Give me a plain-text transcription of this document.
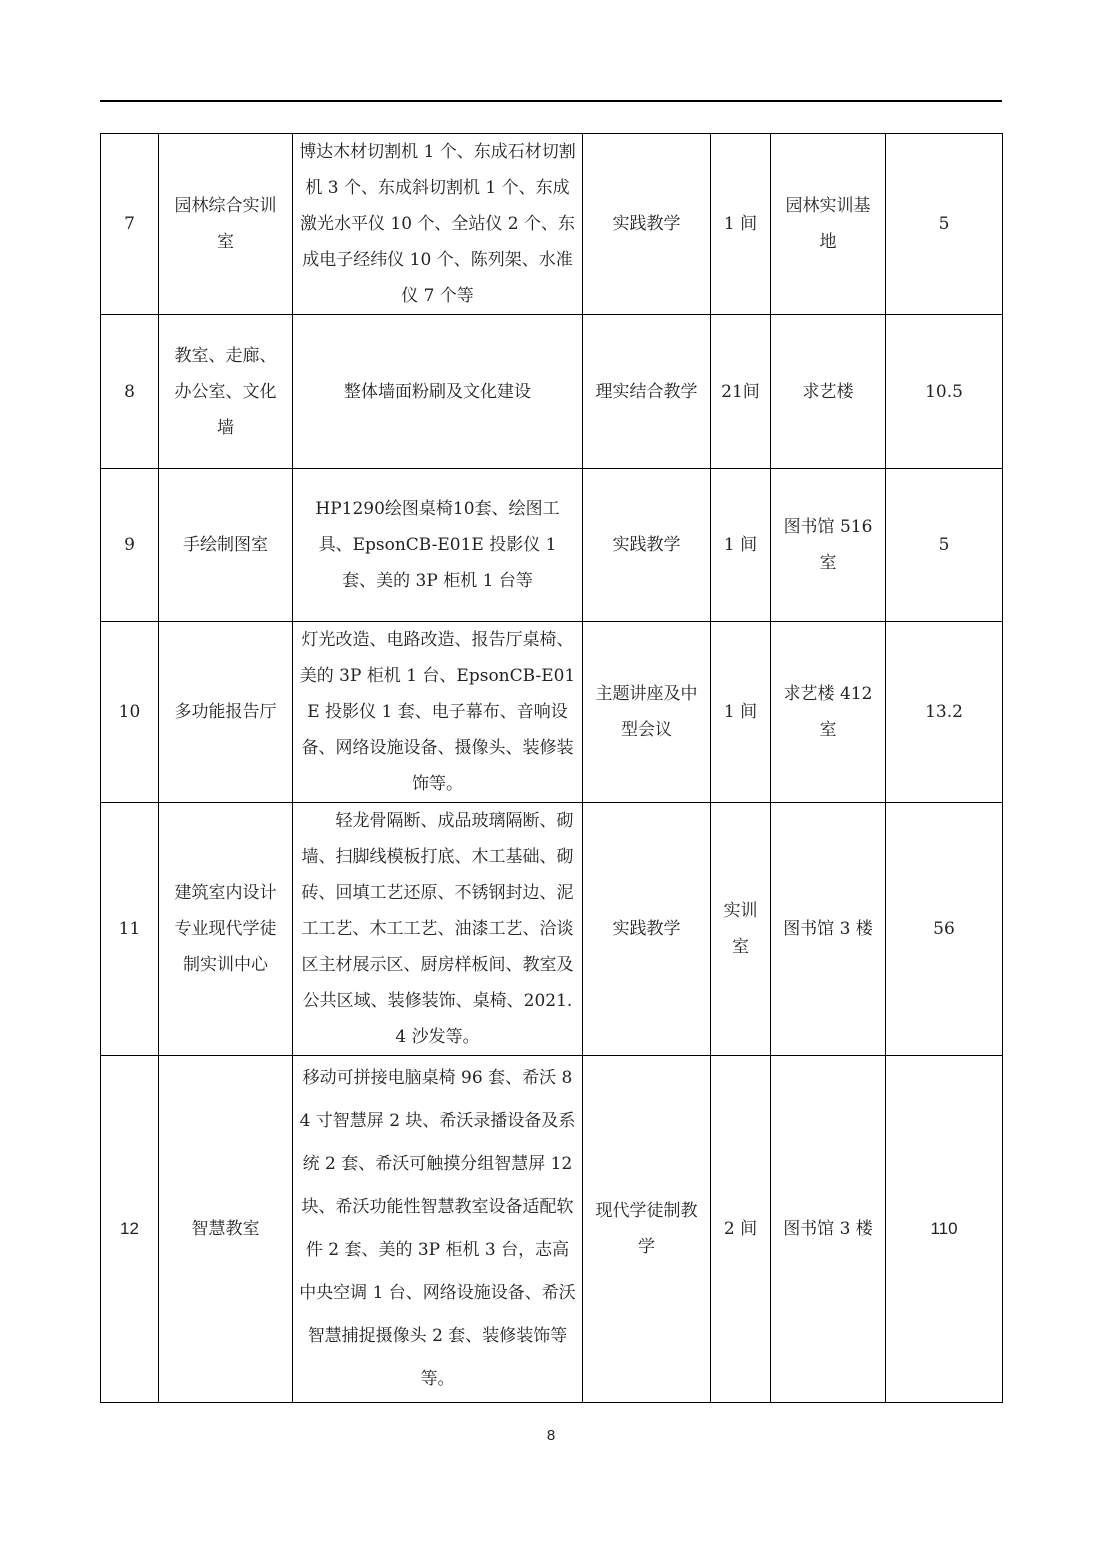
7	园林综合实训室	博达木材切割机 1 个、东成石材切割机 3 个、东成斜切割机 1 个、东成激光水平仪 10 个、全站仪 2 个、东成电子经纬仪 10 个、陈列架、水准仪 7 个等	实践教学	1 间	园林实训基地	5
8	教室、走廊、办公室、文化墙	整体墙面粉刷及文化建设	理实结合教学	21间	求艺楼	10.5
9	手绘制图室	HP1290绘图桌椅10套、绘图工具、EpsonCB-E01E 投影仪 1 套、美的 3P 柜机 1 台等	实践教学	1 间	图书馆 516 室	5
10	多功能报告厅	灯光改造、电路改造、报告厅桌椅、美的 3P 柜机 1 台、EpsonCB-E01E 投影仪 1 套、电子幕布、音响设备、网络设施设备、摄像头、装修装饰等。	主题讲座及中型会议	1 间	求艺楼 412 室	13.2
11	建筑室内设计专业现代学徒制实训中心	轻龙骨隔断、成品玻璃隔断、砌墙、扫脚线模板打底、木工基础、砌砖、回填工艺还原、不锈钢封边、泥工工艺、木工工艺、油漆工艺、洽谈区主材展示区、厨房样板间、教室及公共区域、装修装饰、桌椅、2021.4 沙发等。	实践教学	实训室	图书馆 3 楼	56
12	智慧教室	移动可拼接电脑桌椅 96 套、希沃 84 寸智慧屏 2 块、希沃录播设备及系统 2 套、希沃可触摸分组智慧屏 12 块、希沃功能性智慧教室设备适配软件 2 套、美的 3P 柜机 3 台，志高中央空调 1 台、网络设施设备、希沃智慧捕捉摄像头 2 套、装修装饰等等。	现代学徒制教学	2 间	图书馆 3 楼	110
8
